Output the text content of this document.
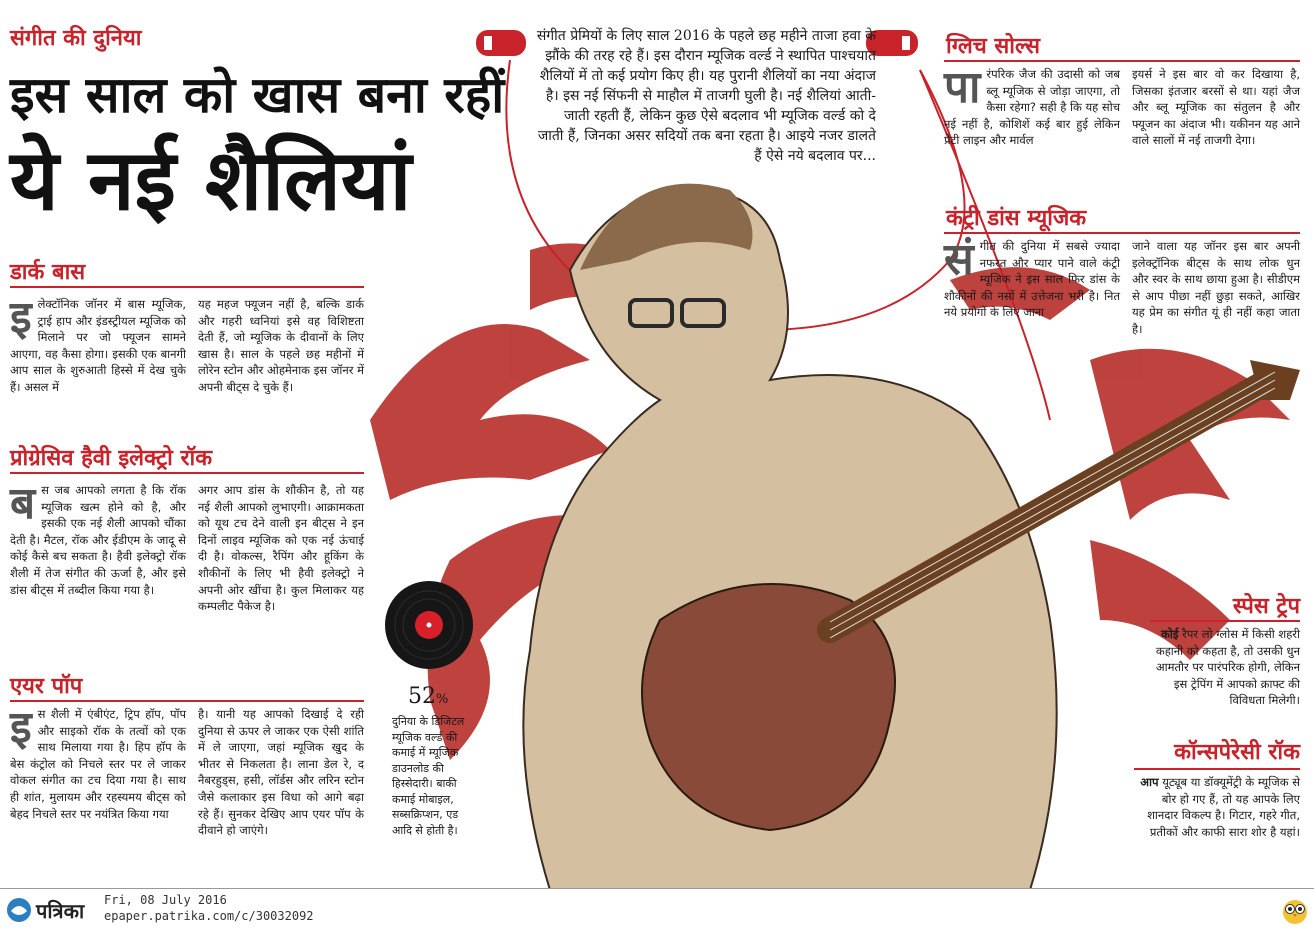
संगीत की दुनिया
इस साल को खास बना रहीं
ये नई शैलियां
संगीत प्रेमियों के लिए साल 2016 के पहले छह महीने ताजा हवा के झौंके की तरह रहे हैं। इस दौरान म्यूजिक वर्ल्ड ने स्थापित पाश्चयात शैलियों में तो कई प्रयोग किए ही। यह पुरानी शैलियों का नया अंदाज है। इस नई सिंफनी से माहौल में ताजगी घुली है। नई शैलियां आती-जाती रहती हैं, लेकिन कुछ ऐसे बदलाव भी म्यूजिक वर्ल्ड को दे जाती हैं, जिनका असर सदियों तक बना रहता है। आइये नजर डालते हैं ऐसे नये बदलाव पर...
डार्क बास
इलेक्टॉनिक जॉनर में बास म्यूजिक, ट्राई हाप और इंडस्ट्रीयल म्यूजिक को मिलाने पर जो फ्यूजन सामने आएगा, वह कैसा होगा। इसकी एक बानगी आप साल के शुरुआती हिस्से में देख चुके हैं। असल में
यह महज फ्यूजन नहीं है, बल्कि डार्क और गहरी ध्वनियां इसे वह विशिष्टता देती हैं, जो म्यूजिक के दीवानों के लिए खास है। साल के पहले छह महीनों में लोरेन स्टोन और ओहमेनाक इस जॉनर में अपनी बीट्स दे चुके हैं।
प्रोग्रेसिव हैवी इलेक्ट्रो रॉक
बस जब आपको लगता है कि रॉक म्यूजिक खत्म होने को है, और इसकी एक नई शैली आपको चौंका देती है। मैटल, रॉक और ईडीएम के जादू से कोई कैसे बच सकता है। हैवी इलेक्ट्रो रॉक शैली में तेज संगीत की ऊर्जा है, और इसे डांस बीट्स में तब्दील किया गया है।
अगर आप डांस के शौकीन है, तो यह नई शैली आपको लुभाएगी। आक्रामकता को यूथ टच देने वाली इन बीट्स ने इन दिनों लाइव म्यूजिक को एक नई ऊंचाई दी है। वोकल्स, रैपिंग और हूकिंग के शौकीनों के लिए भी हैवी इलेक्ट्रो ने अपनी ओर खींचा है। कुल मिलाकर यह कम्पलीट पैकेज है।
एयर पॉप
इस शैली में एंबीएंट, ट्रिप हॉप, पॉप और साइको रॉक के तत्वों को एक साथ मिलाया गया है। हिप हॉप के बेस कंट्रोल को निचले स्तर पर ले जाकर वोकल संगीत का टच दिया गया है। साथ ही शांत, मुलायम और रहस्यमय बीट्स को बेहद निचले स्तर पर नयंत्रित किया गया
है। यानी यह आपको दिखाई दे रही दुनिया से ऊपर ले जाकर एक ऐसी शांति में ले जाएगा, जहां म्यूजिक खुद के भीतर से निकलता है। लाना डेल रे, द नैबरहुड्स, हसी, लॉर्डस और लरिन स्टोन जैसे कलाकार इस विधा को आगे बढ़ा रहे हैं। सुनकर देखिए आप एयर पॉप के दीवाने हो जाएंगे।
52%
दुनिया के डिजिटल म्यूजिक वर्ल्ड की कमाई में म्यूजिक डाउनलोड की हिस्सेदारी। बाकी कमाई मोबाइल, सब्सक्रिप्शन, एड आदि से होती है।
ग्लिच सोल्स
पारंपरिक जैज की उदासी को जब ब्लू म्यूजिक से जोड़ा जाएगा, तो कैसा रहेगा? सही है कि यह सोच नई नहीं है, कोशिशें कई बार हुई लेकिन प्रेटी लाइन और मार्वल
इयर्स ने इस बार वो कर दिखाया है, जिसका इंतजार बरसों से था। यहां जैज और ब्लू म्यूजिक का संतुलन है और फ्यूजन का अंदाज भी। यकीनन यह आने वाले सालों में नई ताजगी देगा।
कंट्री डांस म्यूजिक
संगीत की दुनिया में सबसे ज्यादा नफरत और प्यार पाने वाले कंट्री म्यूजिक ने इस साल फिर डांस के शौकीनों की नसों में उत्तेजना भरी है। नित नये प्रयोगों के लिए जाना
जाने वाला यह जॉनर इस बार अपनी इलेक्ट्रॉनिक बीट्स के साथ लोक धुन और स्वर के साथ छाया हुआ है। सीडीएम से आप पीछा नहीं छुड़ा सकते, आखिर यह प्रेम का संगीत यूं ही नहीं कहा जाता है।
स्पेस ट्रेप
कोई रैपर लो ग्लोस में किसी शहरी कहानी को कहता है, तो उसकी धुन आमतौर पर पारंपरिक होगी, लेकिन इस ट्रेपिंग में आपको क्राफ्ट की विविधता मिलेगी।
कॉन्सपेरेसी रॉक
आप यूट्यूब या डॉक्यूमेंट्री के म्यूजिक से बोर हो गए हैं, तो यह आपके लिए शानदार विकल्प है। गिटार, गहरे गीत, प्रतीकों और काफी सारा शोर है यहां।
पत्रिका Fri, 08 July 2016
epaper.patrika.com/c/30032092
